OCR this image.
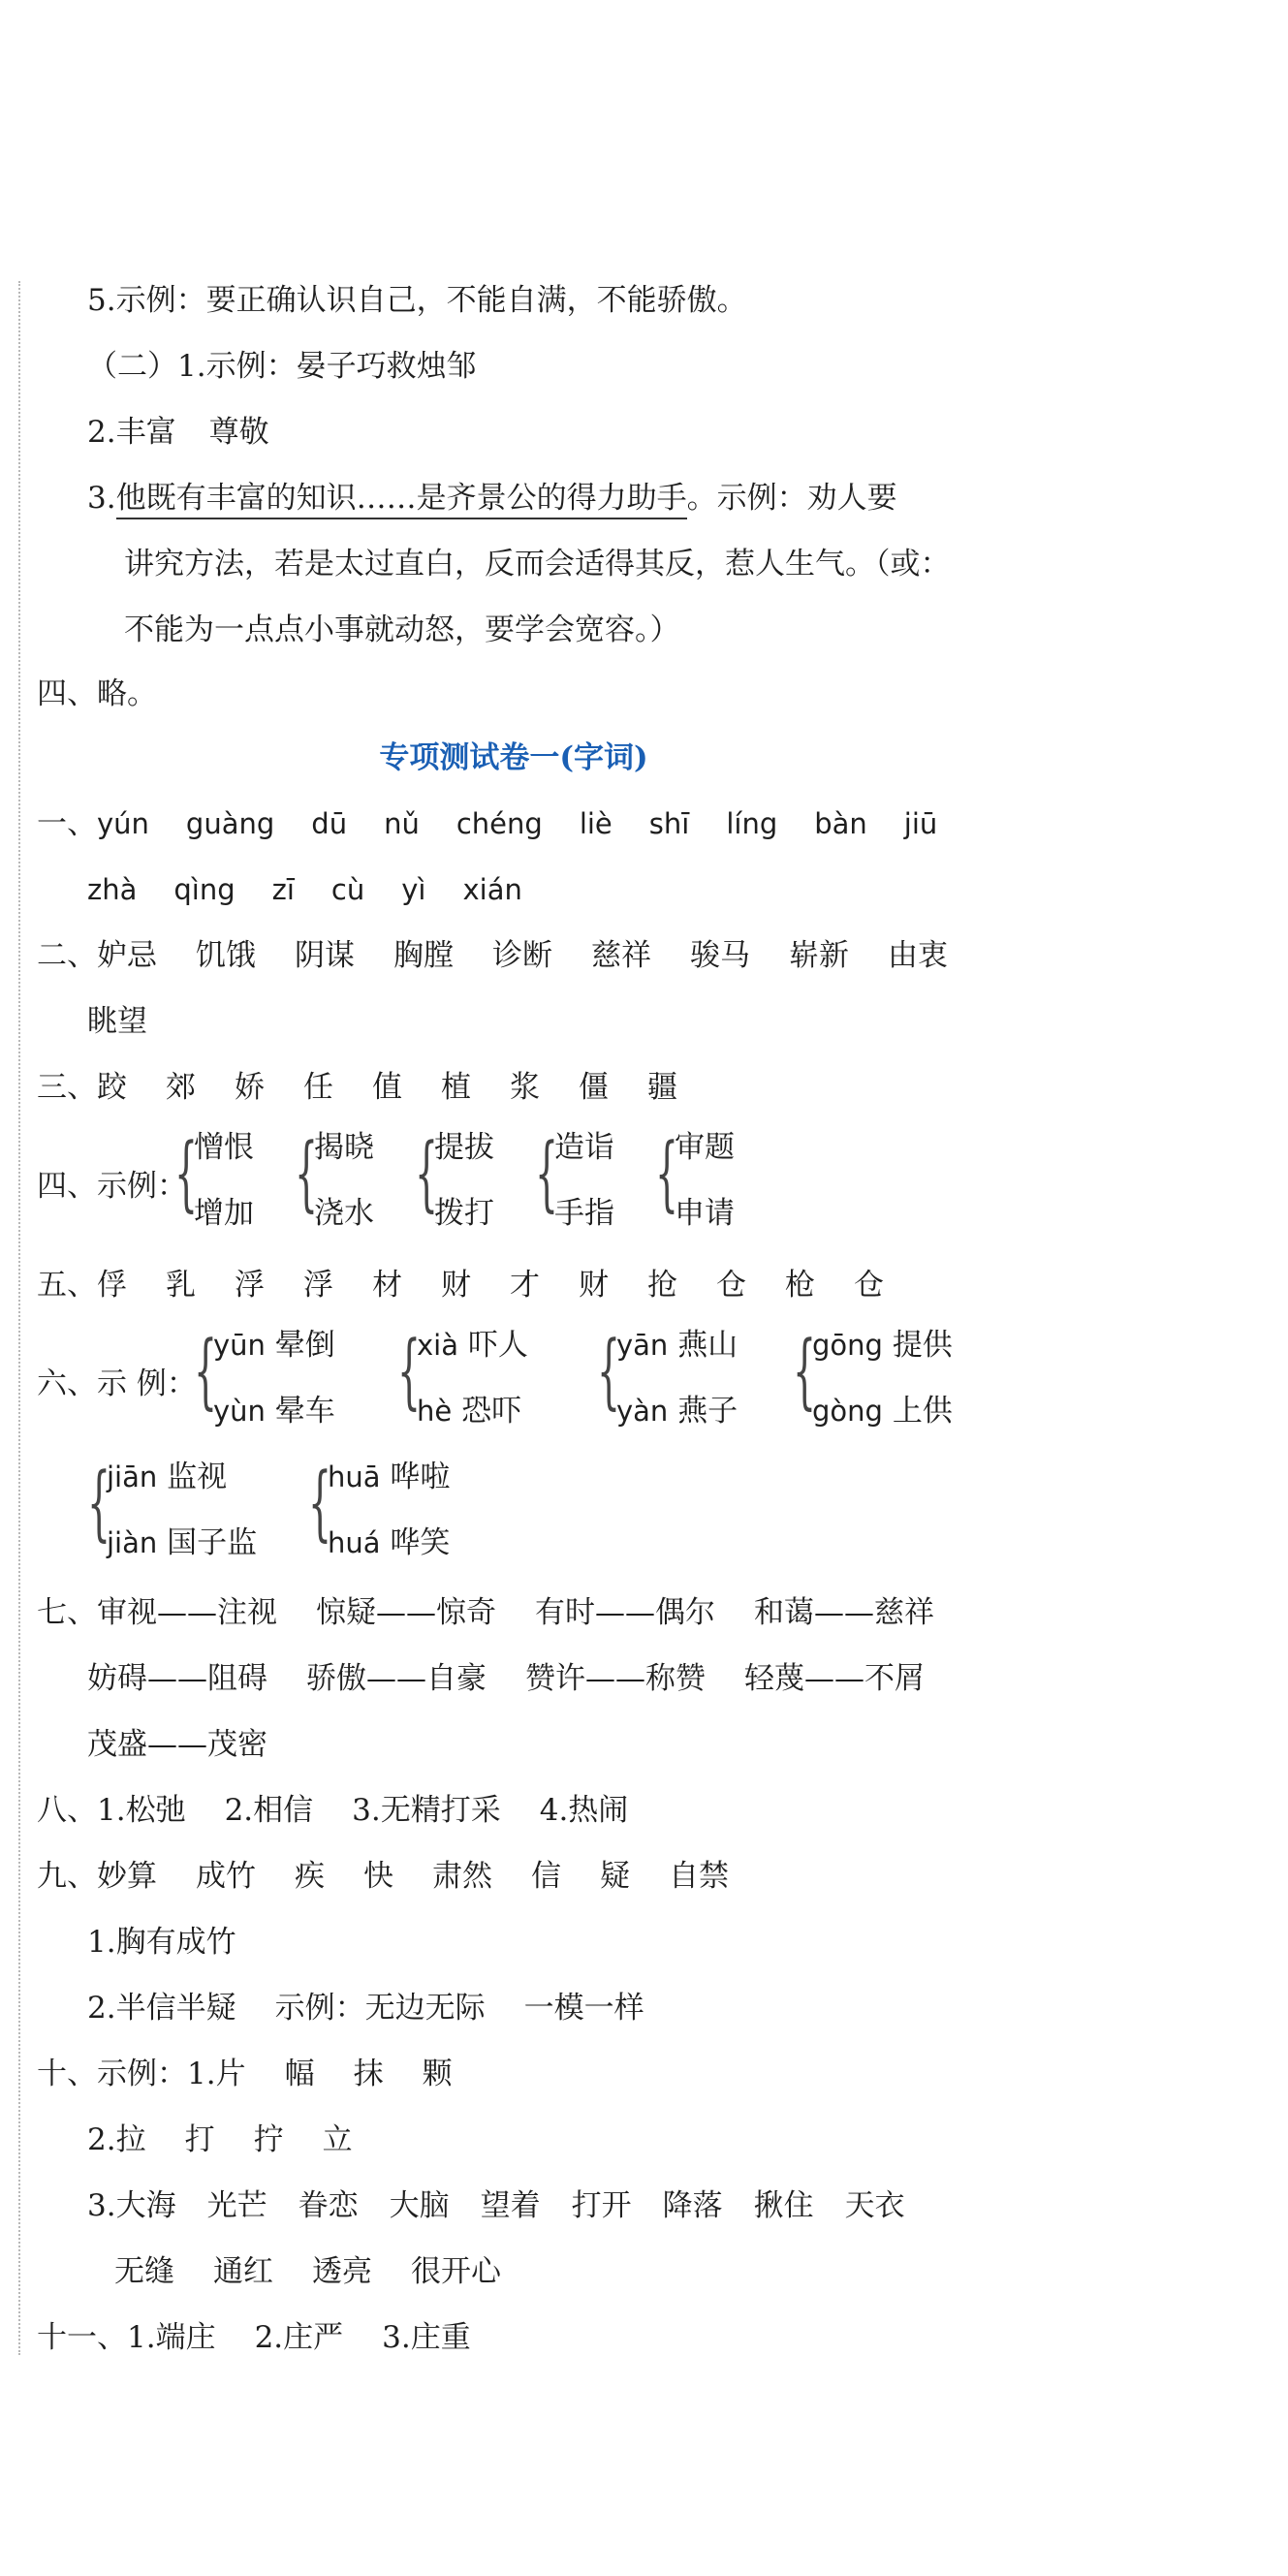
5.示例：要正确认识自己，不能自满，不能骄傲。
（二）1.示例：晏子巧救烛邹
2.丰富 尊敬
3.他既有丰富的知识……是齐景公的得力助手。示例：劝人要
讲究方法，若是太过直白，反而会适得其反，惹人生气。（或：
不能为一点点小事就动怒，要学会宽容。）
四、略。
专项测试卷一(字词)
一、yún guàng dū nǔ chéng liè shī líng bàn jiū
zhà qìng zī cù yì xián
二、妒忌 饥饿 阴谋 胸膛 诊断 慈祥 骏马 崭新 由衷
眺望
三、跤 郊 娇 任 值 植 浆 僵 疆
四、示例：
{
憎恨
增加 {
揭晓
浇水 {
提拔
拨打 {
造诣
手指 {
审题
申请
五、俘 乳 浮 浮 材 财 才 财 抢 仓 枪 仓
六、示 例：
{
yūn 晕倒
yùn 晕车 {
xià 吓人
hè 恐吓 {
yān 燕山
yàn 燕子 {
gōng 提供
gòng 上供
{
jiān 监视
jiàn 国子监 {
huā 哗啦
huá 哗笑
七、审视——注视 惊疑——惊奇 有时——偶尔 和蔼——慈祥
妨碍——阻碍 骄傲——自豪 赞许——称赞 轻蔑——不屑
茂盛——茂密
八、1.松弛 2.相信 3.无精打采 4.热闹
九、妙算 成竹 疾 快 肃然 信 疑 自禁
1.胸有成竹
2.半信半疑 示例：无边无际 一模一样
十、示例：1.片 幅 抹 颗
2.拉 打 拧 立
3.大海 光芒 眷恋 大脑 望着 打开 降落 揪住 天衣
无缝 通红 透亮 很开心
十一、1.端庄 2.庄严 3.庄重
